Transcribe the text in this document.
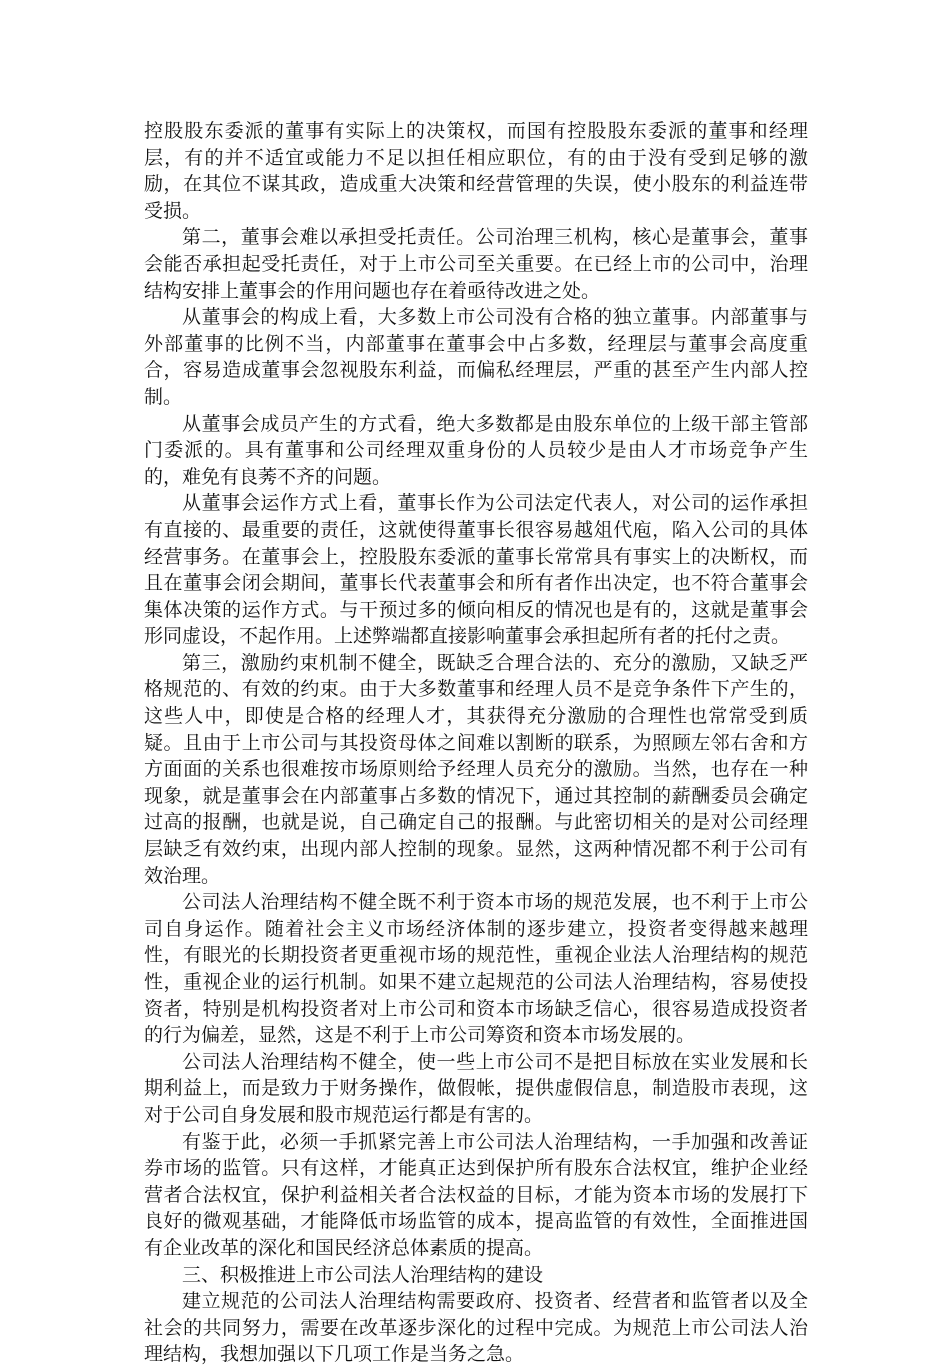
控股股东委派的董事有实际上的决策权，而国有控股股东委派的董事和经理层，有的并不适宜或能力不足以担任相应职位，有的由于没有受到足够的激励，在其位不谋其政，造成重大决策和经营管理的失误，使小股东的利益连带受损。

第二，董事会难以承担受托责任。公司治理三机构，核心是董事会，董事会能否承担起受托责任，对于上市公司至关重要。在已经上市的公司中，治理结构安排上董事会的作用问题也存在着亟待改进之处。

从董事会的构成上看，大多数上市公司没有合格的独立董事。内部董事与外部董事的比例不当，内部董事在董事会中占多数，经理层与董事会高度重合，容易造成董事会忽视股东利益，而偏私经理层，严重的甚至产生内部人控制。

从董事会成员产生的方式看，绝大多数都是由股东单位的上级干部主管部门委派的。具有董事和公司经理双重身份的人员较少是由人才市场竞争产生的，难免有良莠不齐的问题。

从董事会运作方式上看，董事长作为公司法定代表人，对公司的运作承担有直接的、最重要的责任，这就使得董事长很容易越俎代庖，陷入公司的具体经营事务。在董事会上，控股股东委派的董事长常常具有事实上的决断权，而且在董事会闭会期间，董事长代表董事会和所有者作出决定，也不符合董事会集体决策的运作方式。与干预过多的倾向相反的情况也是有的，这就是董事会形同虚设，不起作用。上述弊端都直接影响董事会承担起所有者的托付之责。

第三，激励约束机制不健全，既缺乏合理合法的、充分的激励，又缺乏严格规范的、有效的约束。由于大多数董事和经理人员不是竞争条件下产生的，这些人中，即使是合格的经理人才，其获得充分激励的合理性也常常受到质疑。且由于上市公司与其投资母体之间难以割断的联系，为照顾左邻右舍和方方面面的关系也很难按市场原则给予经理人员充分的激励。当然，也存在一种现象，就是董事会在内部董事占多数的情况下，通过其控制的薪酬委员会确定过高的报酬，也就是说，自己确定自己的报酬。与此密切相关的是对公司经理层缺乏有效约束，出现内部人控制的现象。显然，这两种情况都不利于公司有效治理。

公司法人治理结构不健全既不利于资本市场的规范发展，也不利于上市公司自身运作。随着社会主义市场经济体制的逐步建立，投资者变得越来越理性，有眼光的长期投资者更重视市场的规范性，重视企业法人治理结构的规范性，重视企业的运行机制。如果不建立起规范的公司法人治理结构，容易使投资者，特别是机构投资者对上市公司和资本市场缺乏信心，很容易造成投资者的行为偏差，显然，这是不利于上市公司筹资和资本市场发展的。

公司法人治理结构不健全，使一些上市公司不是把目标放在实业发展和长期利益上，而是致力于财务操作，做假帐，提供虚假信息，制造股市表现，这对于公司自身发展和股市规范运行都是有害的。

有鉴于此，必须一手抓紧完善上市公司法人治理结构，一手加强和改善证券市场的监管。只有这样，才能真正达到保护所有股东合法权宜，维护企业经营者合法权宜，保护利益相关者合法权益的目标，才能为资本市场的发展打下良好的微观基础，才能降低市场监管的成本，提高监管的有效性，全面推进国有企业改革的深化和国民经济总体素质的提高。

三、积极推进上市公司法人治理结构的建设

建立规范的公司法人治理结构需要政府、投资者、经营者和监管者以及全社会的共同努力，需要在改革逐步深化的过程中完成。为规范上市公司法人治理结构，我想加强以下几项工作是当务之急。
